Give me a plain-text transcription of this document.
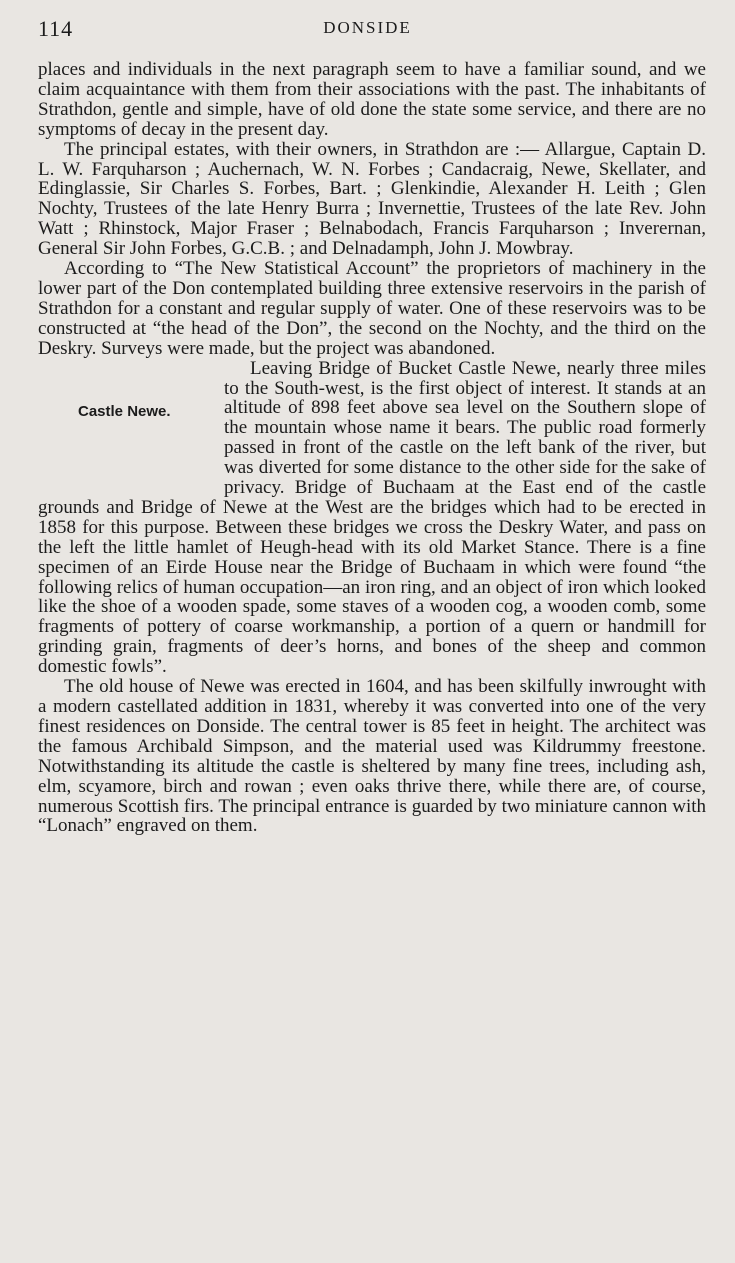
114	DONSIDE

places and individuals in the next paragraph seem to have a familiar sound, and we claim acquaintance with them from their associations with the past. The inhabitants of Strathdon, gentle and simple, have of old done the state some service, and there are no symptoms of decay in the present day.

The principal estates, with their owners, in Strathdon are :— Allargue, Captain D. L. W. Farquharson ; Auchernach, W. N. Forbes ; Candacraig, Newe, Skellater, and Edinglassie, Sir Charles S. Forbes, Bart. ; Glenkindie, Alexander H. Leith ; Glen Nochty, Trustees of the late Henry Burra ; Invernettie, Trustees of the late Rev. John Watt ; Rhinstock, Major Fraser ; Belnabodach, Francis Farquharson ; Inverernan, General Sir John Forbes, G.C.B. ; and Delnadamph, John J. Mowbray.

According to “The New Statistical Account” the proprietors of machinery in the lower part of the Don contemplated building three extensive reservoirs in the parish of Strathdon for a constant and regular supply of water. One of these reservoirs was to be constructed at “the head of the Don”, the second on the Nochty, and the third on the Deskry. Surveys were made, but the project was abandoned.

Castle Newe.

Leaving Bridge of Bucket Castle Newe, nearly three miles to the South-west, is the first object of interest. It stands at an altitude of 898 feet above sea level on the Southern slope of the mountain whose name it bears. The public road formerly passed in front of the castle on the left bank of the river, but was diverted for some distance to the other side for the sake of privacy. Bridge of Buchaam at the East end of the castle grounds and Bridge of Newe at the West are the bridges which had to be erected in 1858 for this purpose. Between these bridges we cross the Deskry Water, and pass on the left the little hamlet of Heugh-head with its old Market Stance. There is a fine specimen of an Eirde House near the Bridge of Buchaam in which were found “the following relics of human occupation—an iron ring, and an object of iron which looked like the shoe of a wooden spade, some staves of a wooden cog, a wooden comb, some fragments of pottery of coarse workmanship, a portion of a quern or handmill for grinding grain, fragments of deer’s horns, and bones of the sheep and common domestic fowls”.

The old house of Newe was erected in 1604, and has been skilfully inwrought with a modern castellated addition in 1831, whereby it was converted into one of the very finest residences on Donside. The central tower is 85 feet in height. The architect was the famous Archibald Simpson, and the material used was Kildrummy freestone. Notwithstanding its altitude the castle is sheltered by many fine trees, including ash, elm, scyamore, birch and rowan ; even oaks thrive there, while there are, of course, numerous Scottish firs. The principal entrance is guarded by two miniature cannon with “Lonach” engraved on them.
